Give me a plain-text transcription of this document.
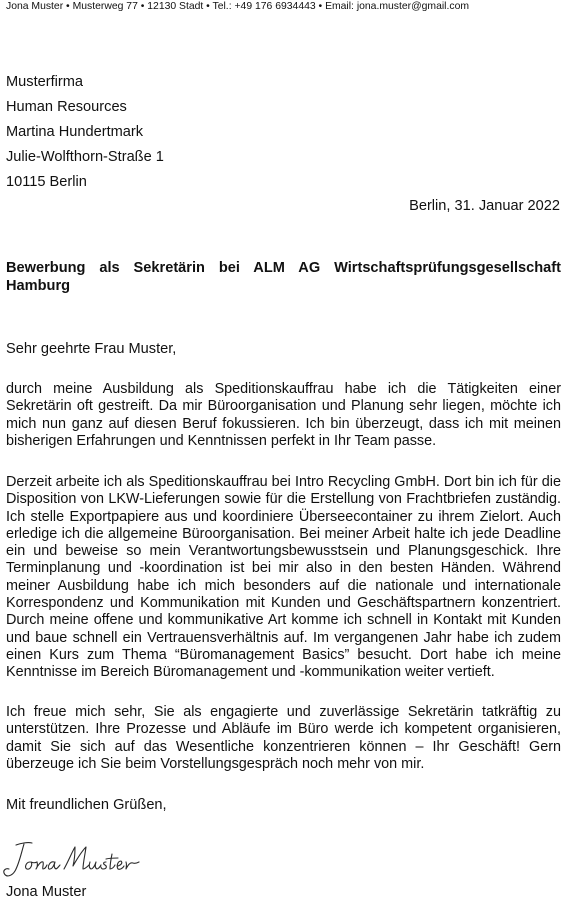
Jona Muster • Musterweg 77 • 12130 Stadt • Tel.: +49 176 6934443 • Email: jona.muster@gmail.com
Musterfirma
Human Resources
Martina Hundertmark
Julie-Wolfthorn-Straße 1
10115 Berlin
Berlin, 31. Januar 2022
Bewerbung als Sekretärin bei ALM AG Wirtschaftsprüfungsgesellschaft Hamburg
Sehr geehrte Frau Muster,

durch meine Ausbildung als Speditionskauffrau habe ich die Tätigkeiten einer Sekretärin oft gestreift. Da mir Büroorganisation und Planung sehr liegen, möchte ich mich nun ganz auf diesen Beruf fokussieren. Ich bin überzeugt, dass ich mit meinen bisherigen Erfahrungen und Kenntnissen perfekt in Ihr Team passe.

Derzeit arbeite ich als Speditionskauffrau bei Intro Recycling GmbH. Dort bin ich für die Disposition von LKW-Lieferungen sowie für die Erstellung von Frachtbriefen zuständig. Ich stelle Exportpapiere aus und koordiniere Überseecontainer zu ihrem Zielort. Auch erledige ich die allgemeine Büroorganisation. Bei meiner Arbeit halte ich jede Deadline ein und beweise so mein Verantwortungsbewusstsein und Planungsgeschick. Ihre Terminplanung und -koordination ist bei mir also in den besten Händen. Während meiner Ausbildung habe ich mich besonders auf die nationale und internationale Korrespondenz und Kommunikation mit Kunden und Geschäftspartnern konzentriert. Durch meine offene und kommunikative Art komme ich schnell in Kontakt mit Kunden und baue schnell ein Vertrauensverhältnis auf. Im vergangenen Jahr habe ich zudem einen Kurs zum Thema “Büromanagement Basics” besucht. Dort habe ich meine Kenntnisse im Bereich Büromanagement und -kommunikation weiter vertieft.

Ich freue mich sehr, Sie als engagierte und zuverlässige Sekretärin tatkräftig zu unterstützen. Ihre Prozesse und Abläufe im Büro werde ich kompetent organisieren, damit Sie sich auf das Wesentliche konzentrieren können – Ihr Geschäft! Gern überzeuge ich Sie beim Vorstellungsgespräch noch mehr von mir.

Mit freundlichen Grüßen,
Jona Muster
